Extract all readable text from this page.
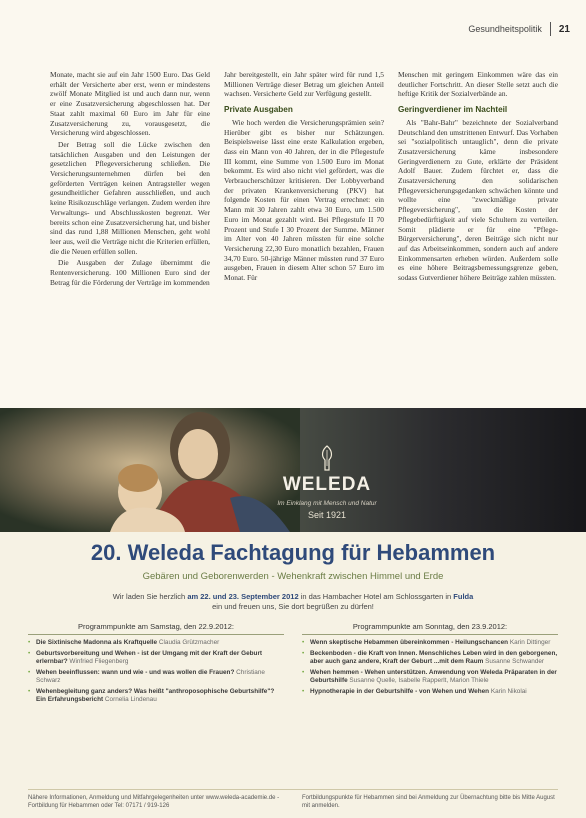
Gesundheitspolitik 21

Monate, macht sie auf ein Jahr 1500 Euro. Das Geld erhält der Versicherte aber erst, wenn er mindestens zwölf Monate Mitglied ist und auch dann nur, wenn er eine Zusatzversicherung abgeschlossen hat. Der Staat zahlt maximal 60 Euro im Jahr für eine Zusatzversicherung zu, vorausgesetzt, die Versicherung wird abgeschlossen.

Der Betrag soll die Lücke zwischen den tatsächlichen Ausgaben und den Leistungen der gesetzlichen Pflegeversicherung schließen. Die Versicherungsunternehmen dürfen bei den geförderten Verträgen keinen Antragsteller wegen gesundheitlicher Gefahren ausschließen, und auch keine Risikozuschläge verlangen. Zudem werden ihre Verwaltungs- und Abschlusskosten begrenzt. Wer bereits schon eine Zusatzversicherung hat, und bisher sind das rund 1,88 Millionen Menschen, geht wohl leer aus, weil die Verträge nicht die Kriterien erfüllen, die die Neuen erfüllen sollen.

Die Ausgaben der Zulage übernimmt die Rentenversicherung. 100 Millionen Euro sind der Betrag für die Förderung der Verträge im kommenden

Jahr bereitgestellt, ein Jahr später wird für rund 1,5 Millionen Verträge dieser Betrag um gleichen Anteil wachsen. Versicherte Geld zur Verfügung gestellt.

Private Ausgaben

Wie hoch werden die Versicherungsprämien sein? Hierüber gibt es bisher nur Schätzungen. Beispielsweise lässt eine erste Kalkulation ergeben, dass ein Mann von 40 Jahren, der in die Pflegestufe III kommt, eine Summe von 1.500 Euro im Monat bekommt. Es wird also nicht viel gefördert, was die Verbraucherschützer kritisieren. Der Lobbyverband der privaten Krankenversicherung (PKV) hat folgende Kosten für einen Vertrag errechnet: ein Mann mit 30 Jahren zahlt etwa 30 Euro, um 1.500 Euro im Monat gezahlt wird. Bei Pflegestufe II 70 Prozent und Stufe I 30 Prozent der Summe. Männer im Alter von 40 Jahren müssten für eine solche Versicherung 22,30 Euro monatlich bezahlen, Frauen 34,70 Euro. 50-jährige Männer müssten rund 37 Euro ausgeben, Frauen in diesem Alter schon 57 Euro im Monat. Für

Menschen mit geringem Einkommen wäre das ein deutlicher Fortschritt. An dieser Stelle setzt auch die heftige Kritik der Sozialverbände an.

Geringverdiener im Nachteil

Als "Bahr-Bahr" bezeichnete der Sozialverband Deutschland den umstrittenen Entwurf. Das Vorhaben sei "sozialpolitisch untauglich", denn die private Zusatzversicherung käme insbesondere Geringverdienern zu Gute, erklärte der Präsident Adolf Bauer. Zudem fürchtet er, dass die Zusatzversicherung den solidarischen Pflegeversicherungsgedanken schwächen könnte und wollte eine "zweckmäßige private Pflegeversicherung", um die Kosten der Pflegebedürftigkeit auf viele Schultern zu verteilen. Somit plädierte er für eine "Pflege-Bürgerversicherung", deren Beiträge sich nicht nur auf das Arbeitseinkommen, sondern auch auf andere Einkommensarten erheben würden. Außerdem solle es eine höhere Beitragsbemessungsgrenze geben, sodass Gutverdiener höhere Beiträge zahlen müssten.

WELEDA
Im Einklang mit Mensch und Natur
Seit 1921
20. Weleda Fachtagung für Hebammen
Gebären und Geborenwerden - Wehenkraft zwischen Himmel und Erde
Wir laden Sie herzlich am 22. und 23. September 2012 in das Hambacher Hotel am Schlossgarten in Fulda
ein und freuen uns, Sie dort begrüßen zu dürfen!
Programmpunkte am Samstag, den 22.9.2012:
• Die Sixtinische Madonna als Kraftquelle Claudia Grützmacher
• Geburtsvorbereitung und Wehen - ist der Umgang mit der Kraft der Geburt erlernbar? Winfried Fliegenberg
• Wehen beeinflussen: wann und wie - und was wollen die Frauen? Christiane Schwarz
• Wehenbegleitung ganz anders? Was heißt "anthroposophische Geburtshilfe"? Ein Erfahrungsbericht Cornelia Lindenau
Programmpunkte am Sonntag, den 23.9.2012:
• Wenn skeptische Hebammen übereinkommen - Heilungschancen Karin Dittinger
• Beckenboden - die Kraft von Innen. Menschliches Leben wird in den geborgenen, aber auch ganz andere, Kraft der Geburt ...mit dem Raum Susanne Schwander
• Wehen hemmen - Wehen unterstützen. Anwendung von Weleda Präparaten in der Geburtshilfe Susanne Quelle, Isabelle Rapperlt, Marion Thiele
• Hypnotherapie in der Geburtshilfe - von Wehen und Wehen Karin Nikolai
Nähere Informationen, Anmeldung und Mitfahrgelegenheiten unter www.weleda-academie.de - Fortbildung für Hebammen oder Tel: 07171 / 919-126
Fortbildungspunkte für Hebammen sind bei Anmeldung zur Übernachtung bitte bis Mitte August mit anmelden.
